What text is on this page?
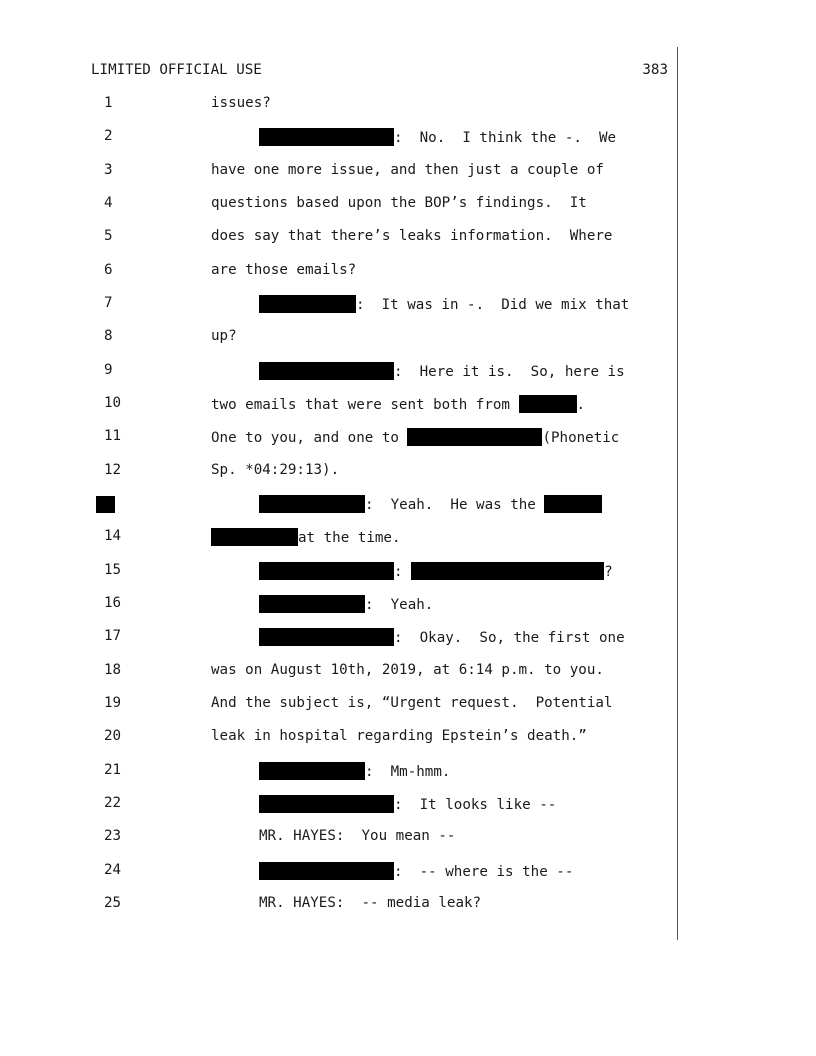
LIMITED OFFICIAL USE	383
1	issues?
2	:  No.  I think the -.  We
3	have one more issue, and then just a couple of
4	questions based upon the BOP’s findings.  It
5	does say that there’s leaks information.  Where
6	are those emails?
7	:  It was in -.  Did we mix that
8	up?
9	:  Here it is.  So, here is
10	two emails that were sent both from	.
11	One to you, and one to	(Phonetic
12	Sp. *04:29:13).
:  Yeah.  He was the
14	at the time.
15	:	?
16	:  Yeah.
17	:  Okay.  So, the first one
18	was on August 10th, 2019, at 6:14 p.m. to you.
19	And the subject is, “Urgent request.  Potential
20	leak in hospital regarding Epstein’s death.”
21	:  Mm-hmm.
22	:  It looks like --
23	MR. HAYES:  You mean --
24	:  -- where is the --
25	MR. HAYES:  -- media leak?
